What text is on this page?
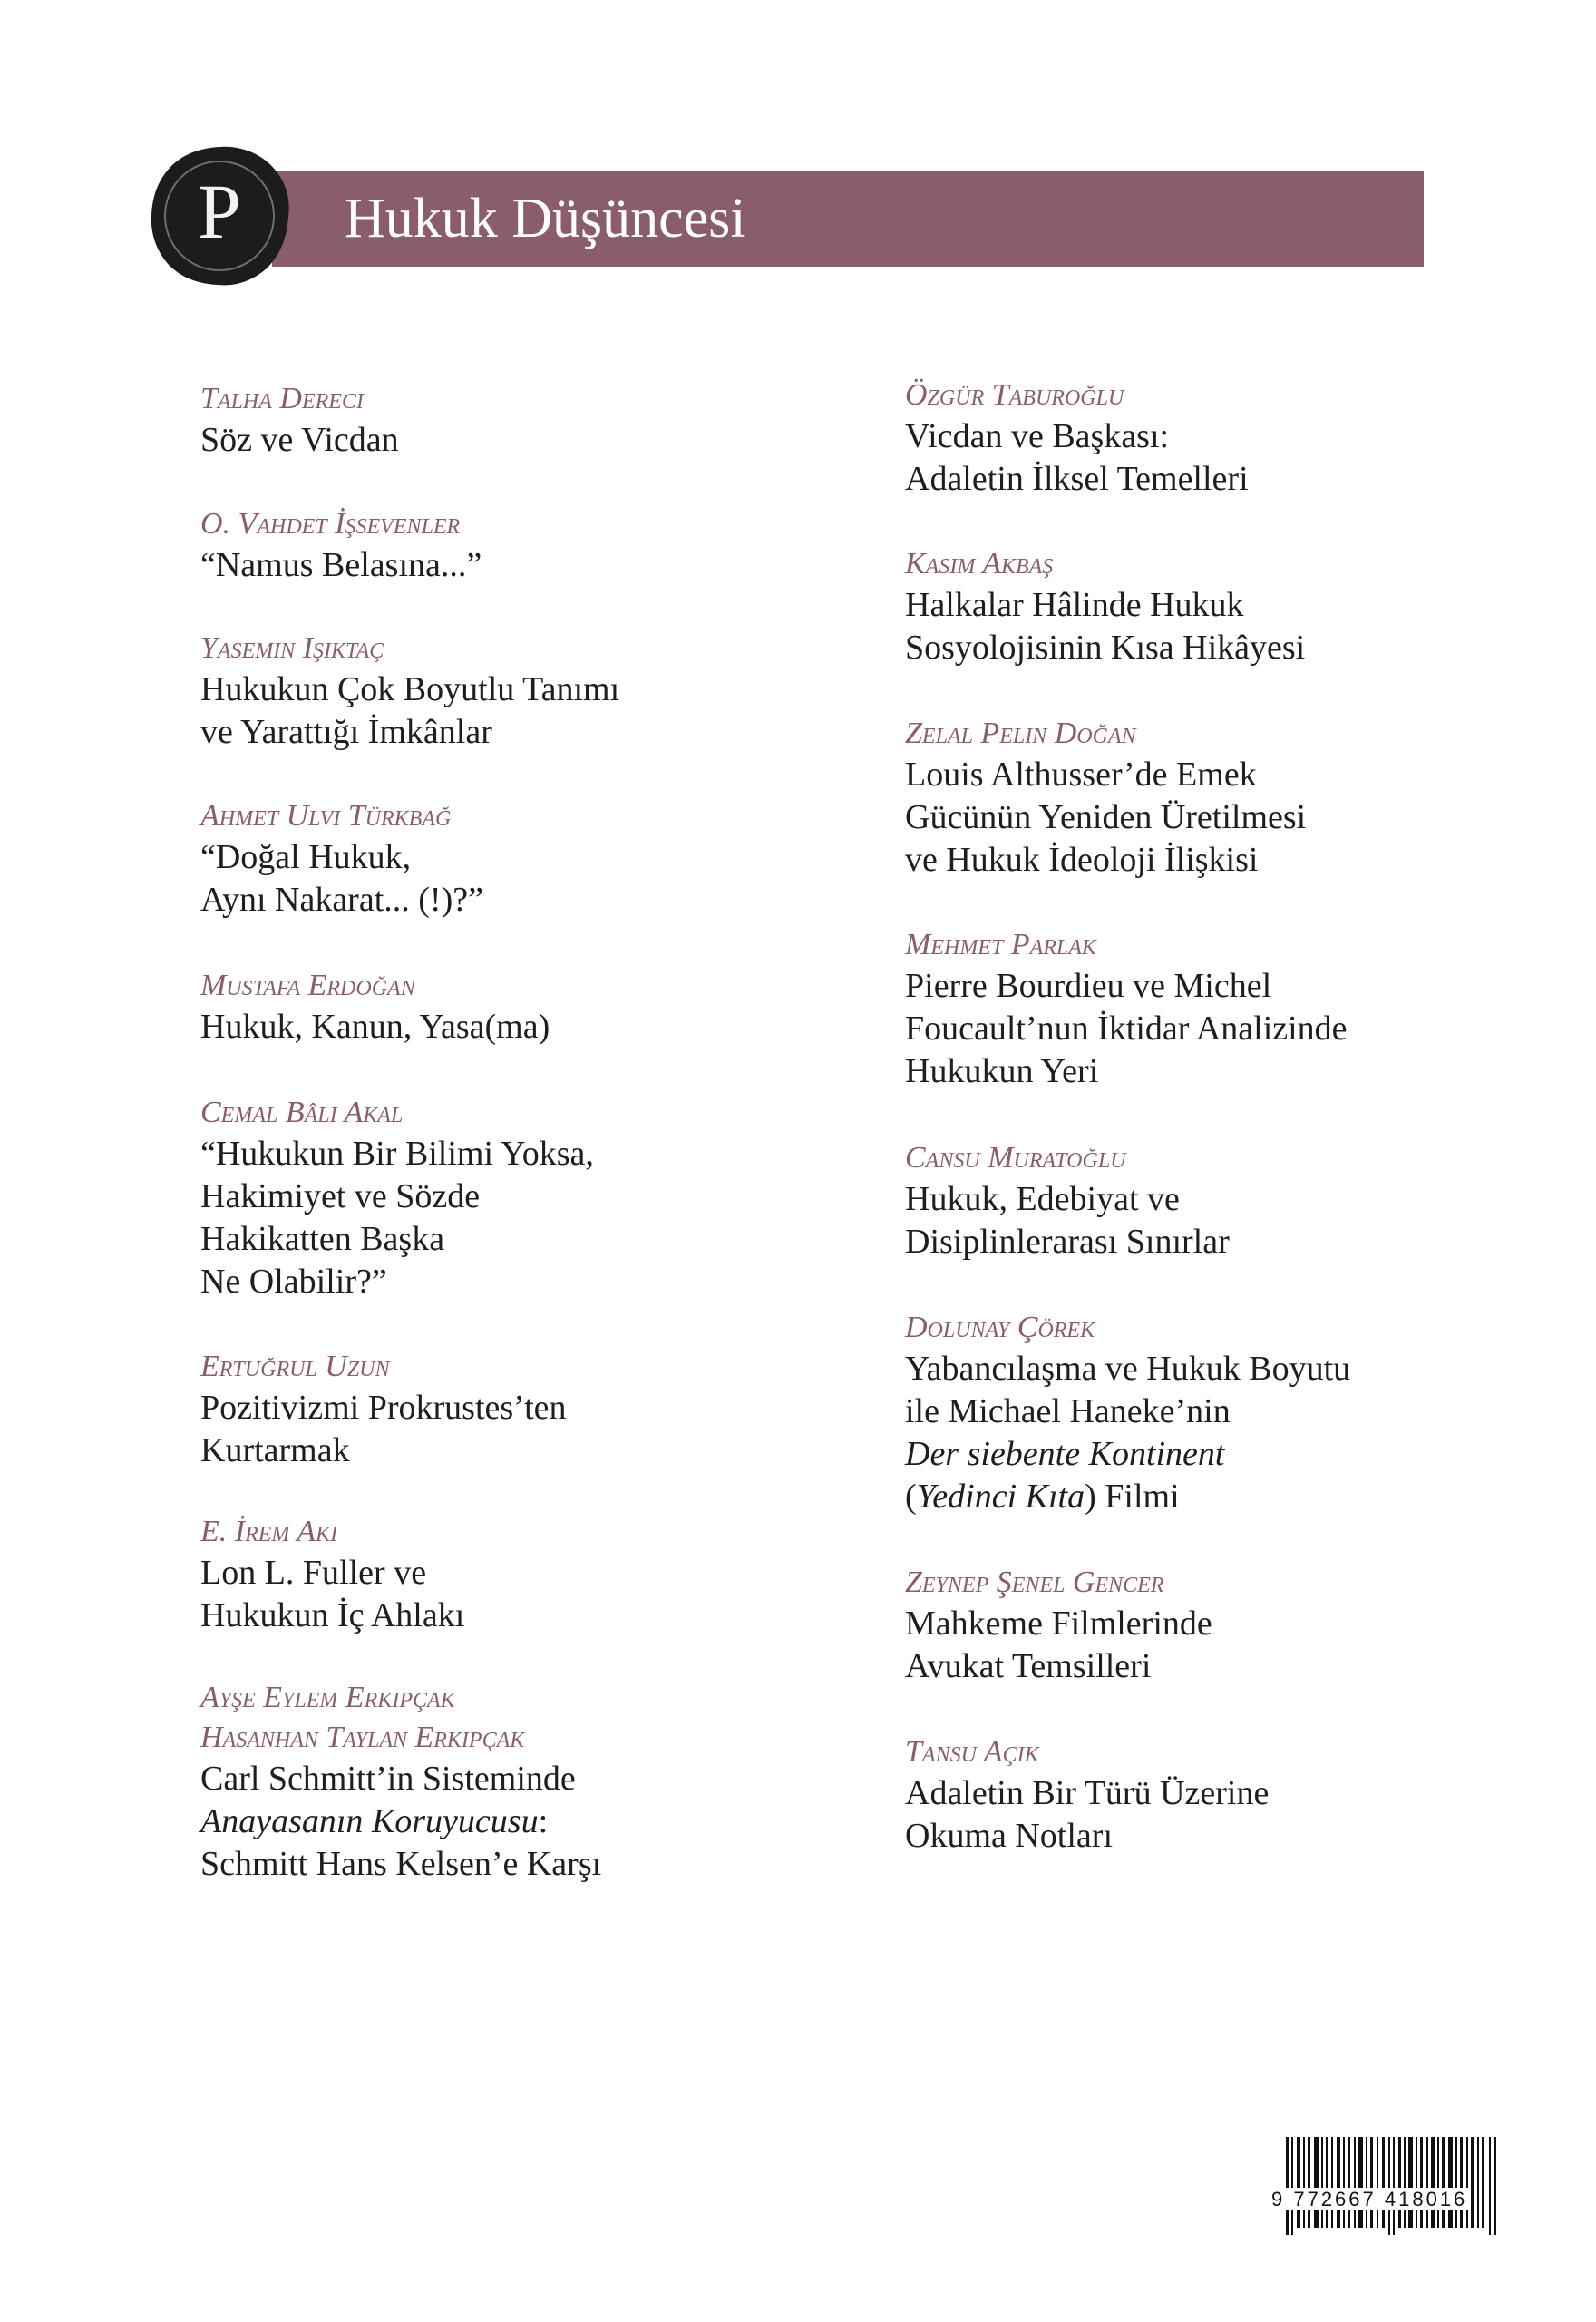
Hukuk Düşüncesi
P
Talha Dereci
Söz ve Vicdan
O. Vahdet İşsevenler
“Namus Belasına...”
Yasemin Işıktaç
Hukukun Çok Boyutlu Tanımı
ve Yarattığı İmkânlar
Ahmet Ulvi Türkbağ
“Doğal Hukuk,
Aynı Nakarat... (!)?”
Mustafa Erdoğan
Hukuk, Kanun, Yasa(ma)
Cemal Bâli Akal
“Hukukun Bir Bilimi Yoksa,
Hakimiyet ve Sözde
Hakikatten Başka
Ne Olabilir?”
Ertuğrul Uzun
Pozitivizmi Prokrustes’ten
Kurtarmak
E. İrem Akı
Lon L. Fuller ve
Hukukun İç Ahlakı
Ayşe Eylem Erkipçak
Hasanhan Taylan Erkipçak
Carl Schmitt’in Sisteminde
Anayasanın Koruyucusu:
Schmitt Hans Kelsen’e Karşı
Özgür Taburoğlu
Vicdan ve Başkası:
Adaletin İlksel Temelleri
Kasım Akbaş
Halkalar Hâlinde Hukuk
Sosyolojisinin Kısa Hikâyesi
Zelal Pelin Doğan
Louis Althusser’de Emek
Gücünün Yeniden Üretilmesi
ve Hukuk İdeoloji İlişkisi
Mehmet Parlak
Pierre Bourdieu ve Michel
Foucault’nun İktidar Analizinde
Hukukun Yeri
Cansu Muratoğlu
Hukuk, Edebiyat ve
Disiplinlerarası Sınırlar
Dolunay Çörek
Yabancılaşma ve Hukuk Boyutu
ile Michael Haneke’nin
Der siebente Kontinent
(Yedinci Kıta) Filmi
Zeynep Şenel Gencer
Mahkeme Filmlerinde
Avukat Temsilleri
Tansu Açık
Adaletin Bir Türü Üzerine
Okuma Notları
9 772667 418016
